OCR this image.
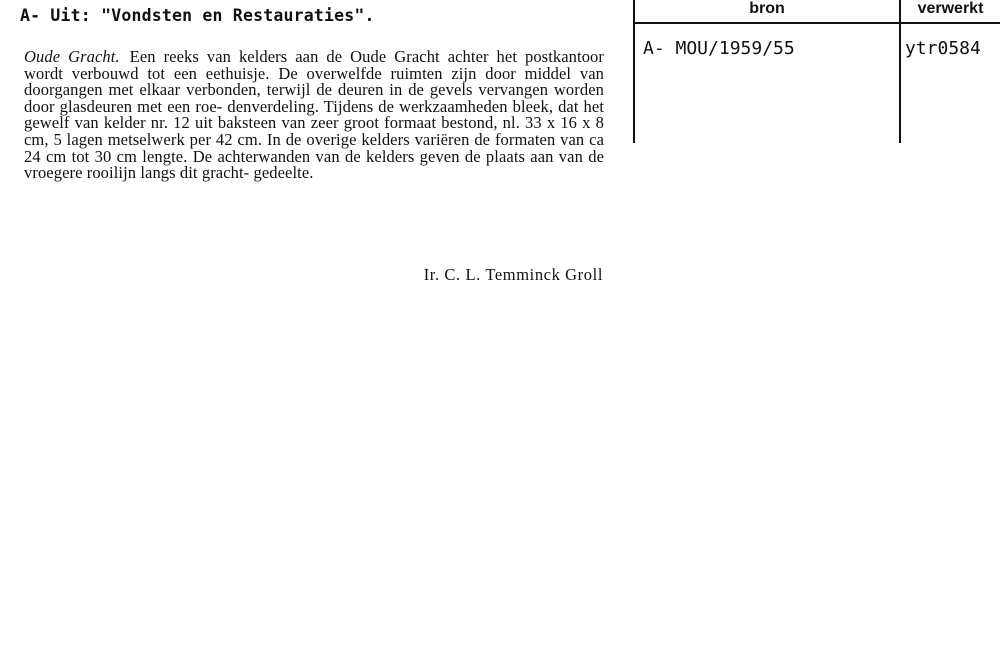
A- Uit: "Vondsten en Restauraties".
Oude Gracht. Een reeks van kelders aan de Oude Gracht achter het postkantoor wordt verbouwd tot een eethuisje. De overwelfde ruimten zijn door middel van doorgangen met elkaar verbonden, terwijl de deuren in de gevels vervangen worden door glasdeuren met een roe- denverdeling. Tijdens de werkzaamheden bleek, dat het gewelf van kelder nr. 12 uit baksteen van zeer groot formaat bestond, nl. 33 x 16 x 8 cm, 5 lagen metselwerk per 42 cm. In de overige kelders variëren de formaten van ca 24 cm tot 30 cm lengte. De achterwanden van de kelders geven de plaats aan van de vroegere rooilijn langs dit gracht- gedeelte.
Ir. C. L. Temminck Groll
bron	verwerkt
A- MOU/1959/55	ytr0584
